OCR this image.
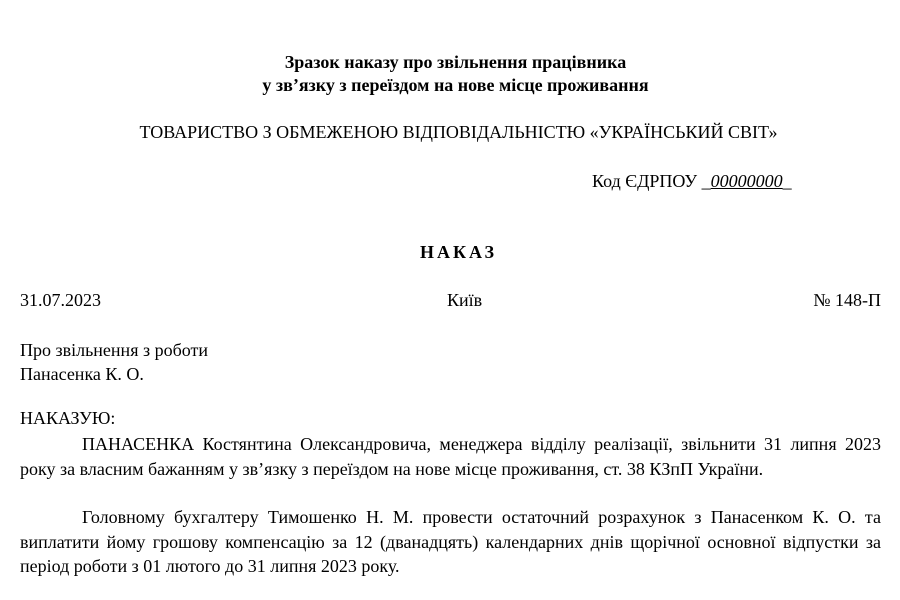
Зразок наказу про звільнення працівника
у зв’язку з переїздом на нове місце проживання
ТОВАРИСТВО З ОБМЕЖЕНОЮ ВІДПОВІДАЛЬНІСТЮ «УКРАЇНСЬКИЙ СВІТ»
Код ЄДРПОУ _00000000_
НАКАЗ
31.07.2023	Київ	№ 148-П
Про звільнення з роботи
Панасенка К. О.
НАКАЗУЮ:
ПАНАСЕНКА Костянтина Олександровича, менеджера відділу реалізації, звільнити 31 липня 2023 року за власним бажанням у зв’язку з переїздом на нове місце проживання, ст. 38 КЗпП України.
Головному бухгалтеру Тимошенко Н. М. провести остаточний розрахунок з Панасенком К. О. та виплатити йому грошову компенсацію за 12 (дванадцять) календарних днів щорічної основної відпустки за період роботи з 01 лютого до 31 липня 2023 року.
